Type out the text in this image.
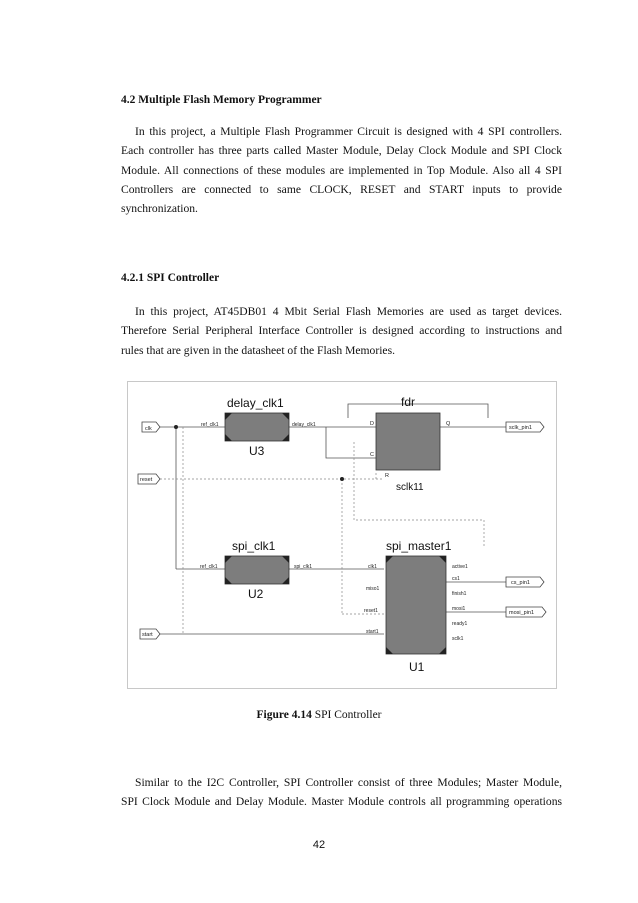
4.2 Multiple Flash Memory Programmer
In this project, a Multiple Flash Programmer Circuit is designed with 4 SPI controllers.
Each controller has three parts called Master Module, Delay Clock Module and SPI Clock
Module. All connections of these modules are implemented in Top Module. Also all 4 SPI
Controllers are connected to same CLOCK, RESET and START inputs to provide
synchronization.
4.2.1 SPI Controller
In this project, AT45DB01 4 Mbit Serial Flash Memories are used as target devices.
Therefore Serial Peripheral Interface Controller is designed according to instructions and
rules that are given in the datasheet of the Flash Memories.
clk
reset
start
sclk_pin1
cs_pin1
mosi_pin1
delay_clk1
ref_clk1	delay_clk1
U3
fdr
D
C
R
Q
sclk11
spi_clk1
ref_clk1	spi_clk1
U2
spi_master1
clk1
miso1
reset1
start1
active1
cs1
finish1
mosi1
ready1
sclk1
U1
Figure 4.14 SPI Controller
Similar to the I2C Controller, SPI Controller consist of three Modules; Master Module,
SPI Clock Module and Delay Module. Master Module controls all programming operations
42
